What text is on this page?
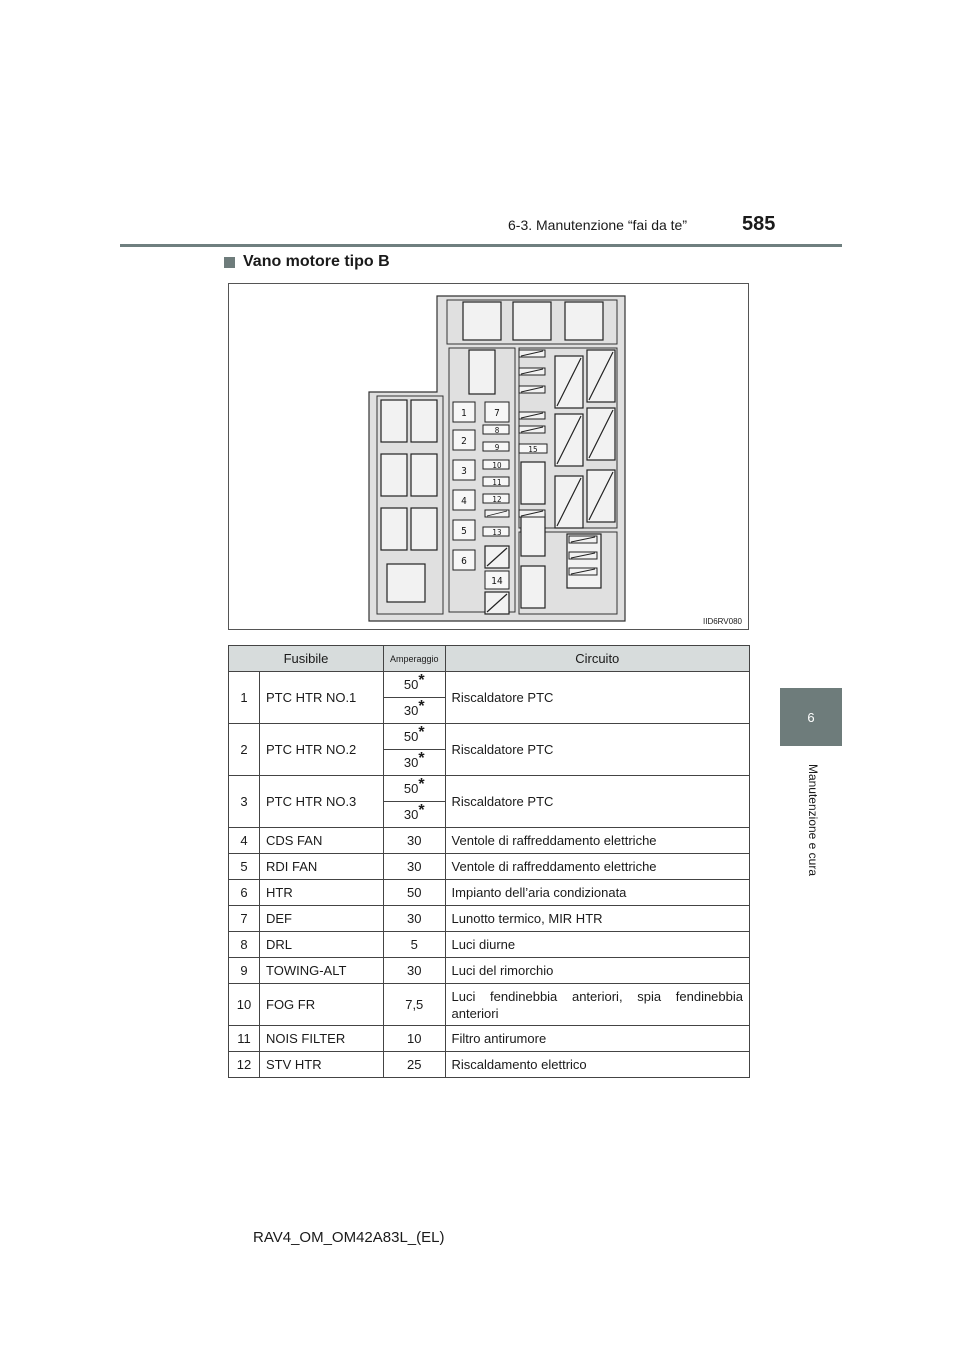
6-3. Manutenzione “fai da te”	585
6
Manutenzione e cura
Vano motore tipo B
1
2
3
4
5
6
7
8
9
10
11
12
13
14
15
IID6RV080
Fusibile		Amperaggio	Circuito
1	PTC HTR NO.1	50*	Riscaldatore PTC
		30*	
2	PTC HTR NO.2	50*	Riscaldatore PTC
		30*	
3	PTC HTR NO.3	50*	Riscaldatore PTC
		30*	
4	CDS FAN	30	Ventole di raffreddamento elettriche
5	RDI FAN	30	Ventole di raffreddamento elettriche
6	HTR	50	Impianto dell’aria condizionata
7	DEF	30	Lunotto termico, MIR HTR
8	DRL	5	Luci diurne
9	TOWING-ALT	30	Luci del rimorchio
10	FOG FR	7,5	Luci fendinebbia anteriori, spia fendinebbia anteriori
11	NOIS FILTER	10	Filtro antirumore
12	STV HTR	25	Riscaldamento elettrico
RAV4_OM_OM42A83L_(EL)
